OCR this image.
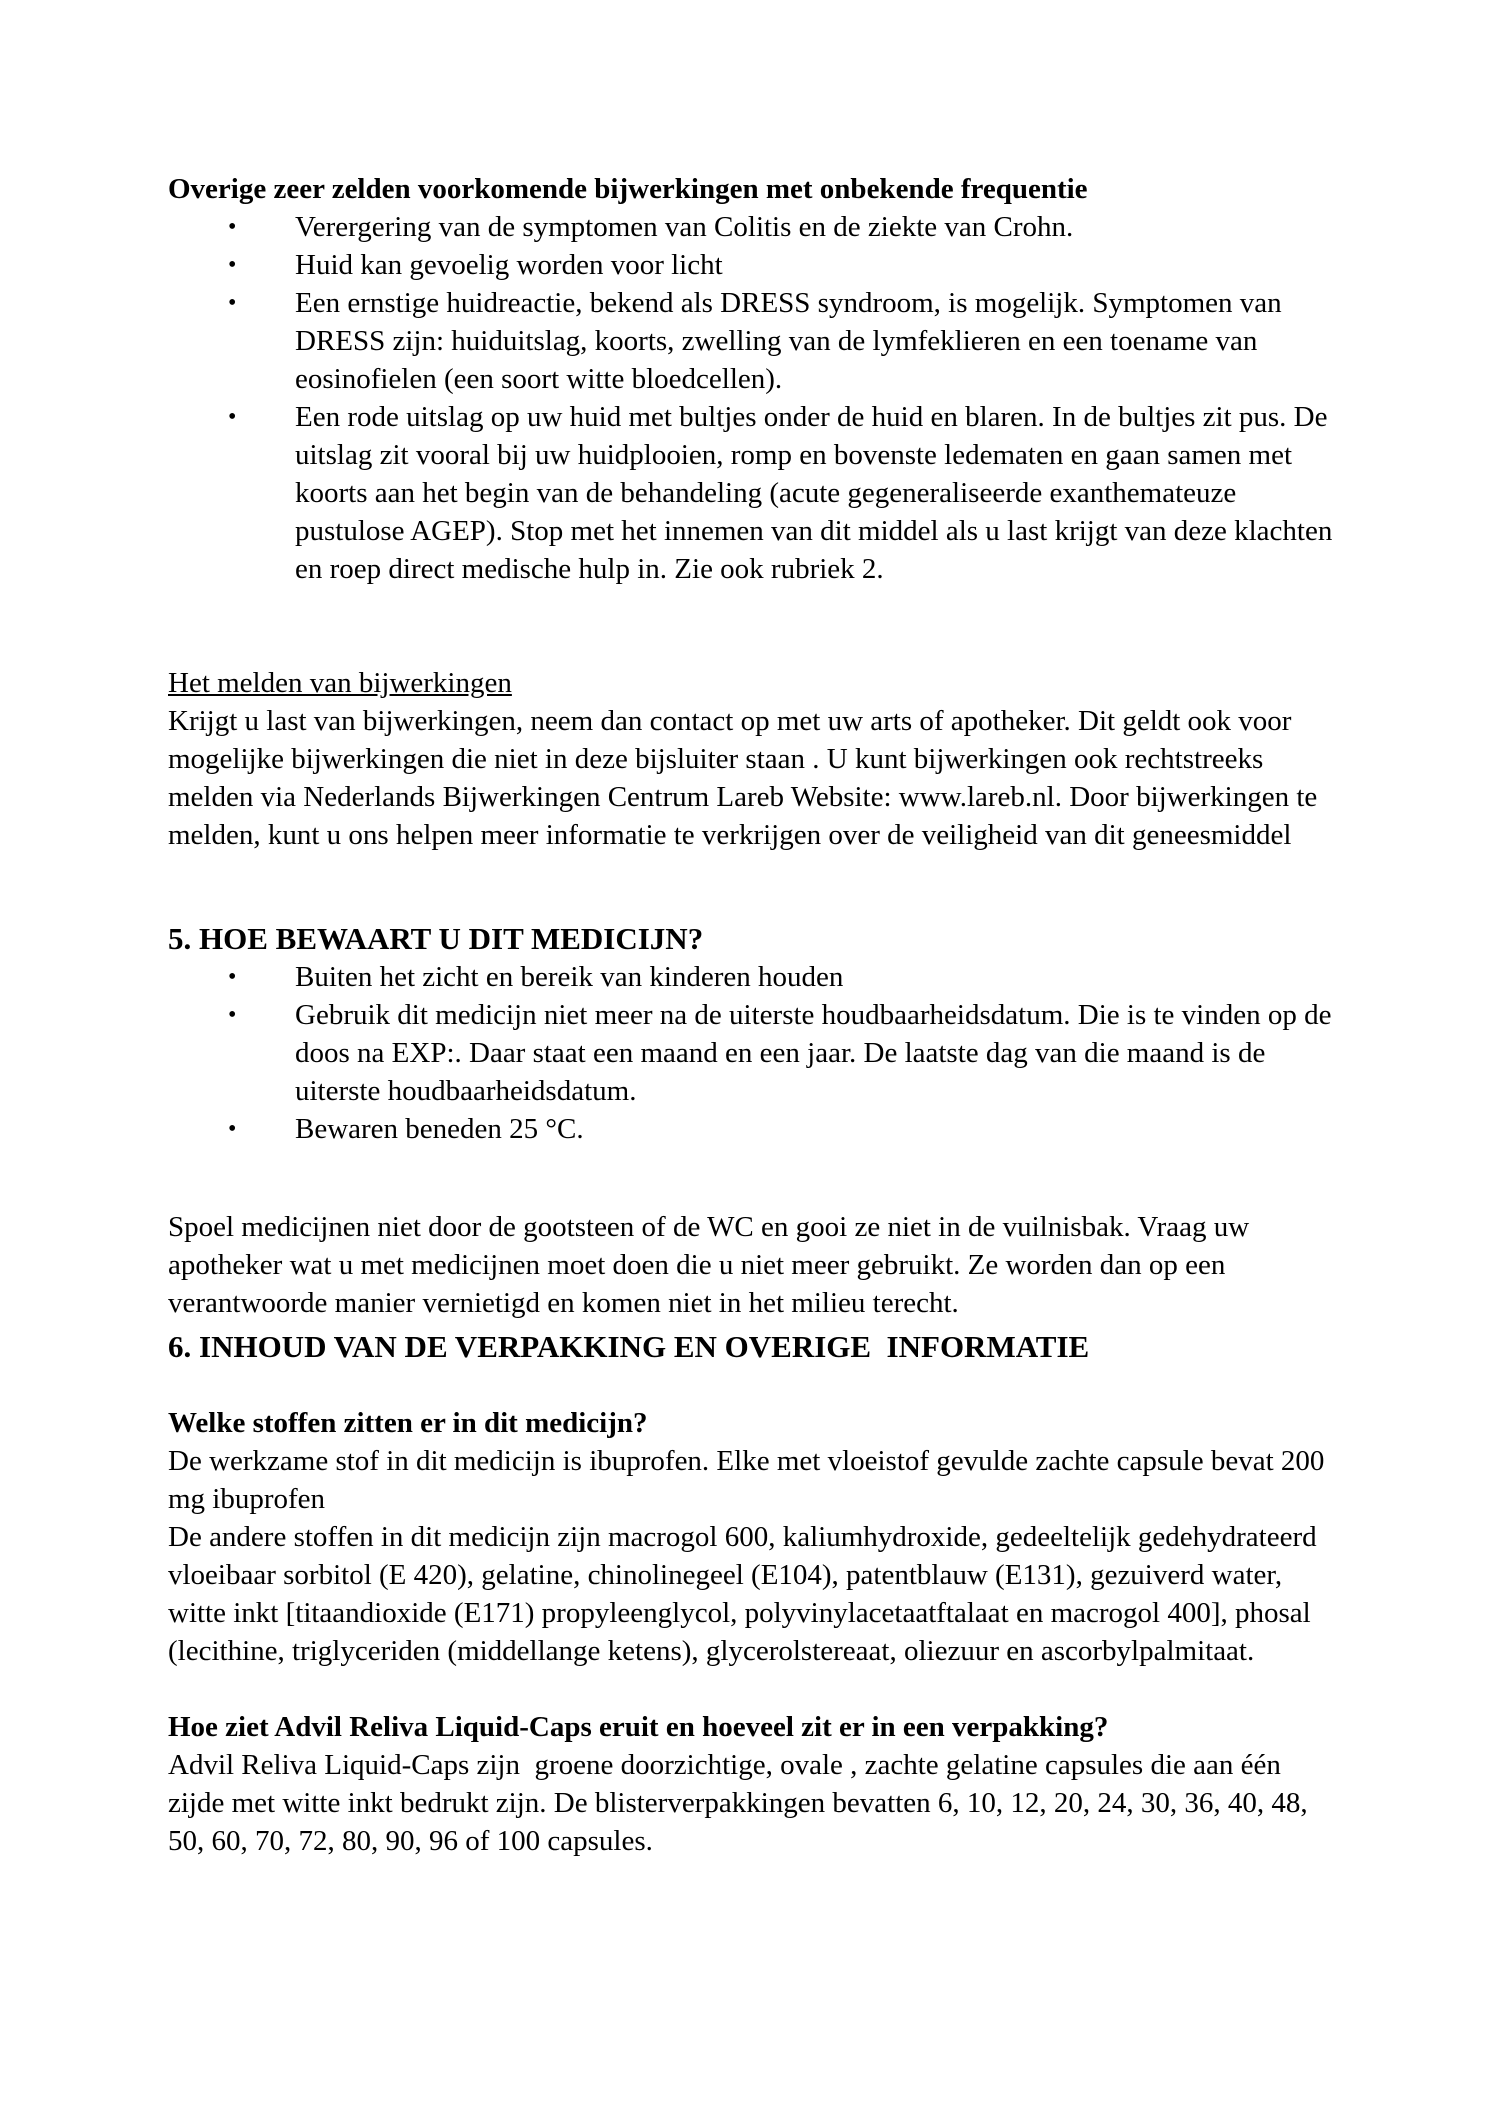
Overige zeer zelden voorkomende bijwerkingen met onbekende frequentie

•	Verergering van de symptomen van Colitis en de ziekte van Crohn.
•	Huid kan gevoelig worden voor licht
•	Een ernstige huidreactie, bekend als DRESS syndroom, is mogelijk. Symptomen van DRESS zijn: huiduitslag, koorts, zwelling van de lymfeklieren en een toename van eosinofielen (een soort witte bloedcellen).
•	Een rode uitslag op uw huid met bultjes onder de huid en blaren. In de bultjes zit pus. De uitslag zit vooral bij uw huidplooien, romp en bovenste ledematen en gaan samen met koorts aan het begin van de behandeling (acute gegeneraliseerde exanthemateuze pustulose AGEP). Stop met het innemen van dit middel als u last krijgt van deze klachten en roep direct medische hulp in. Zie ook rubriek 2.

Het melden van bijwerkingen

Krijgt u last van bijwerkingen, neem dan contact op met uw arts of apotheker. Dit geldt ook voor mogelijke bijwerkingen die niet in deze bijsluiter staan . U kunt bijwerkingen ook rechtstreeks melden via Nederlands Bijwerkingen Centrum Lareb Website: www.lareb.nl. Door bijwerkingen te melden, kunt u ons helpen meer informatie te verkrijgen over de veiligheid van dit geneesmiddel

5. HOE BEWAART U DIT MEDICIJN?

•	Buiten het zicht en bereik van kinderen houden
•	Gebruik dit medicijn niet meer na de uiterste houdbaarheidsdatum. Die is te vinden op de doos na EXP:. Daar staat een maand en een jaar. De laatste dag van die maand is de uiterste houdbaarheidsdatum.
•	Bewaren beneden 25 °C.

Spoel medicijnen niet door de gootsteen of de WC en gooi ze niet in de vuilnisbak. Vraag uw apotheker wat u met medicijnen moet doen die u niet meer gebruikt. Ze worden dan op een verantwoorde manier vernietigd en komen niet in het milieu terecht.

6. INHOUD VAN DE VERPAKKING EN OVERIGE  INFORMATIE

Welke stoffen zitten er in dit medicijn?

De werkzame stof in dit medicijn is ibuprofen. Elke met vloeistof gevulde zachte capsule bevat 200 mg ibuprofen

De andere stoffen in dit medicijn zijn macrogol 600, kaliumhydroxide, gedeeltelijk gedehydrateerd vloeibaar sorbitol (E 420), gelatine, chinolinegeel (E104), patentblauw (E131), gezuiverd water, witte inkt [titaandioxide (E171) propyleenglycol, polyvinylacetaatftalaat en macrogol 400], phosal (lecithine, triglyceriden (middellange ketens), glycerolstereaat, oliezuur en ascorbylpalmitaat.

Hoe ziet Advil Reliva Liquid-Caps eruit en hoeveel zit er in een verpakking?

Advil Reliva Liquid-Caps zijn  groene doorzichtige, ovale , zachte gelatine capsules die aan één zijde met witte inkt bedrukt zijn. De blisterverpakkingen bevatten 6, 10, 12, 20, 24, 30, 36, 40, 48, 50, 60, 70, 72, 80, 90, 96 of 100 capsules.
